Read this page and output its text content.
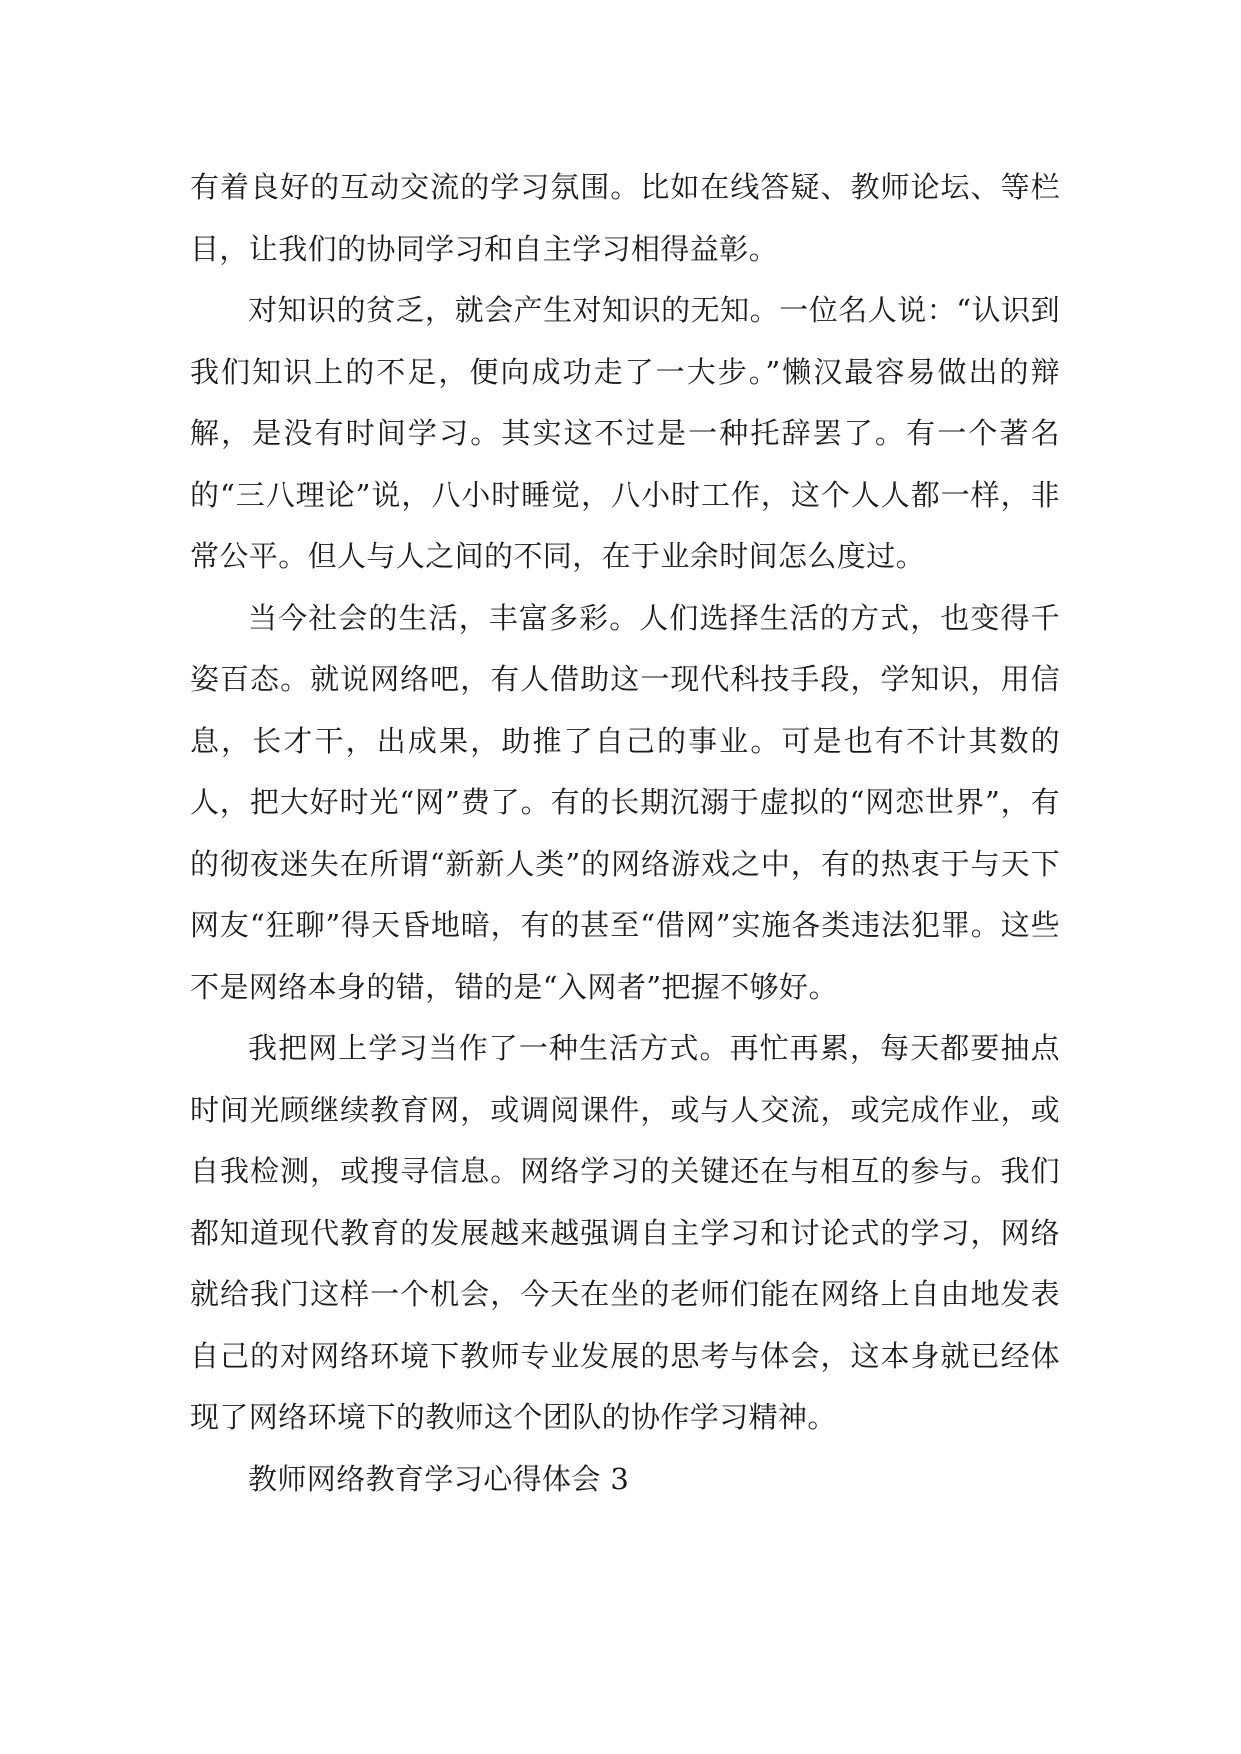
有着良好的互动交流的学习氛围。比如在线答疑、教师论坛、等栏目，让我们的协同学习和自主学习相得益彰。

对知识的贫乏，就会产生对知识的无知。一位名人说：“认识到我们知识上的不足，便向成功走了一大步。”懒汉最容易做出的辩解，是没有时间学习。其实这不过是一种托辞罢了。有一个著名的“三八理论”说，八小时睡觉，八小时工作，这个人人都一样，非常公平。但人与人之间的不同，在于业余时间怎么度过。

当今社会的生活，丰富多彩。人们选择生活的方式，也变得千姿百态。就说网络吧，有人借助这一现代科技手段，学知识，用信息，长才干，出成果，助推了自己的事业。可是也有不计其数的人，把大好时光“网”费了。有的长期沉溺于虚拟的“网恋世界”，有的彻夜迷失在所谓“新新人类”的网络游戏之中，有的热衷于与天下网友“狂聊”得天昏地暗，有的甚至“借网”实施各类违法犯罪。这些不是网络本身的错，错的是“入网者”把握不够好。

我把网上学习当作了一种生活方式。再忙再累，每天都要抽点时间光顾继续教育网，或调阅课件，或与人交流，或完成作业，或自我检测，或搜寻信息。网络学习的关键还在与相互的参与。我们都知道现代教育的发展越来越强调自主学习和讨论式的学习，网络就给我门这样一个机会，今天在坐的老师们能在网络上自由地发表自己的对网络环境下教师专业发展的思考与体会，这本身就已经体现了网络环境下的教师这个团队的协作学习精神。

教师网络教育学习心得体会 3
